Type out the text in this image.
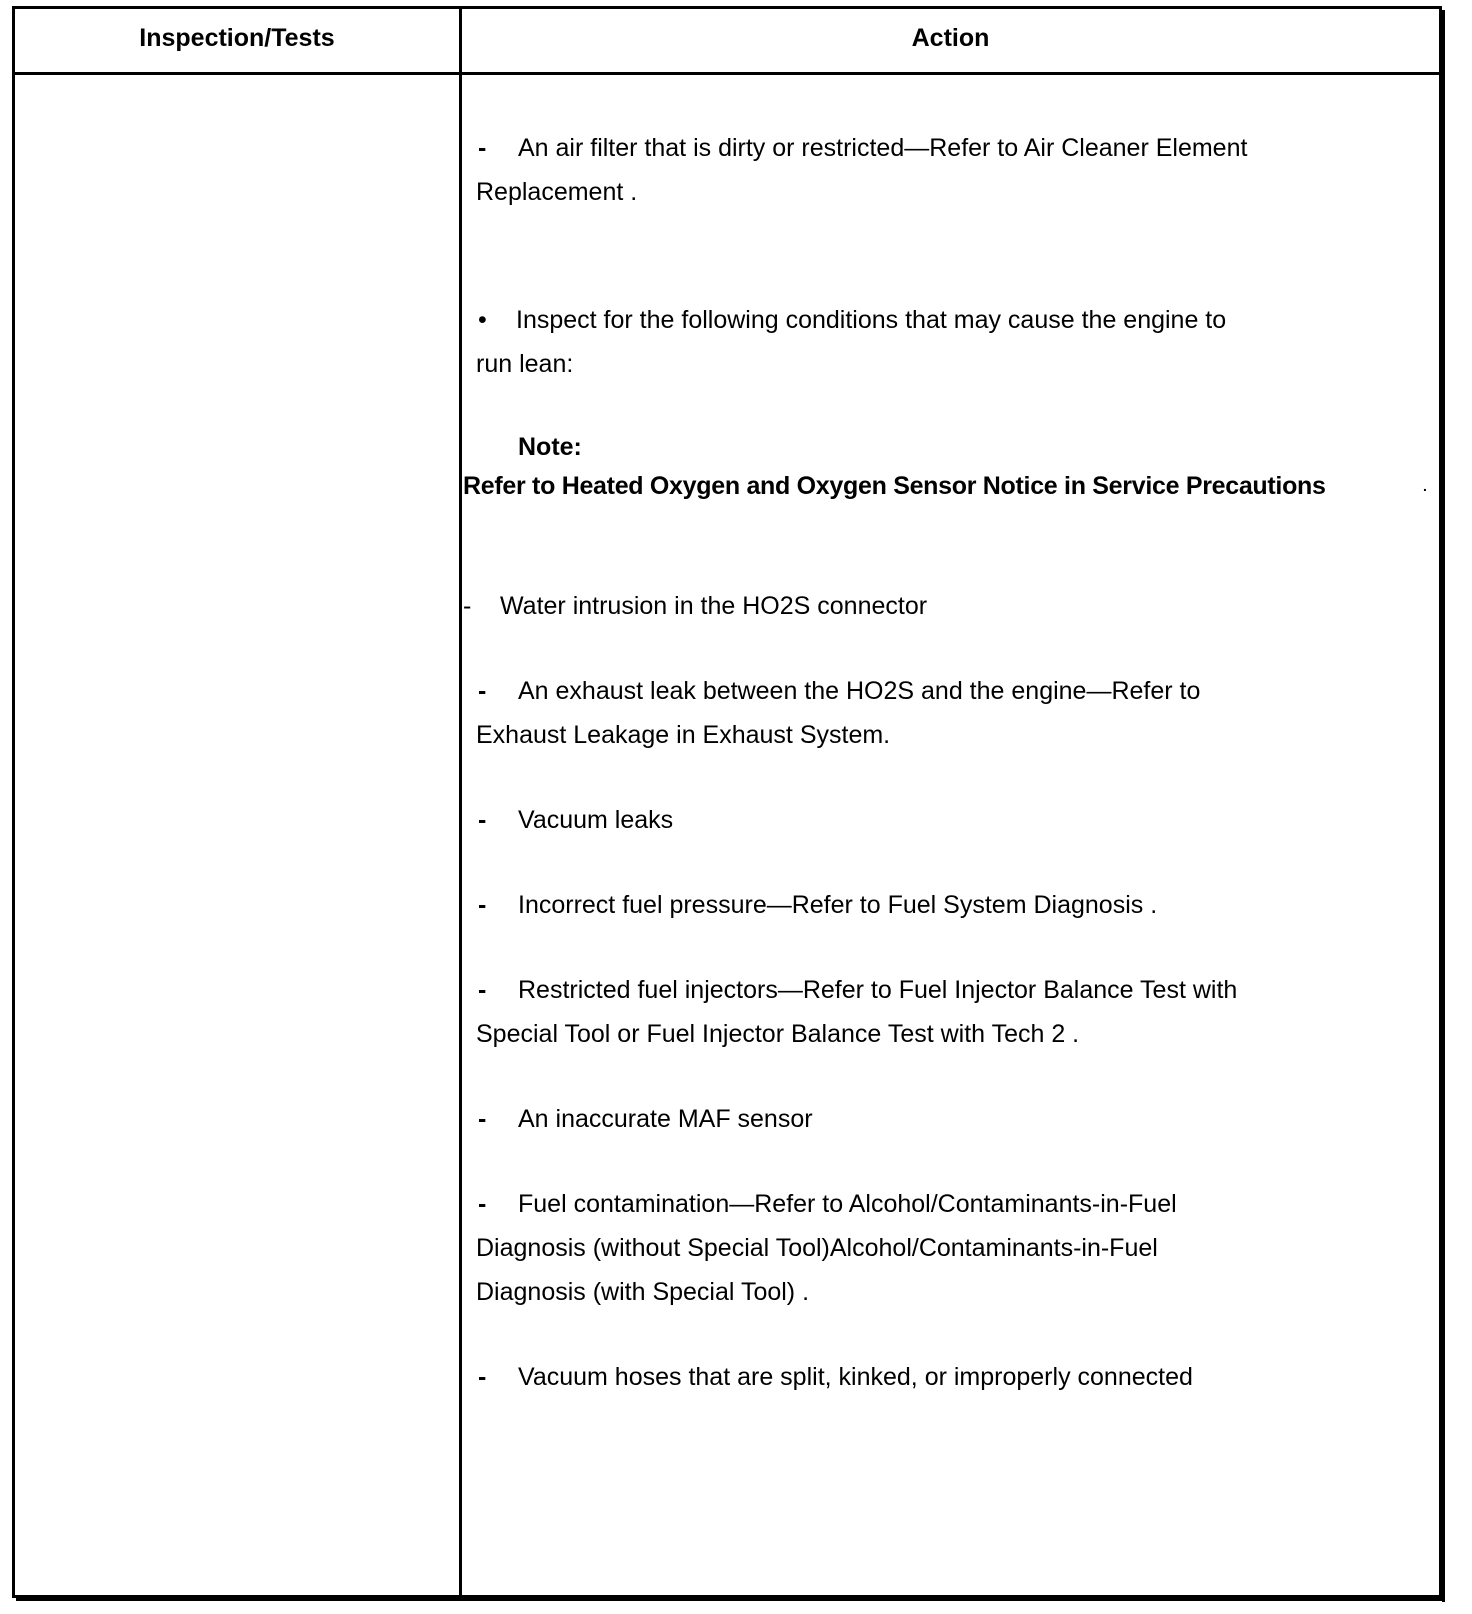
Inspection/Tests	Action
- An air filter that is dirty or restricted—Refer to Air Cleaner Element
Replacement .
• Inspect for the following conditions that may cause the engine to
run lean:
Note:
Refer to Heated Oxygen and Oxygen Sensor Notice in Service Precautions	.
- Water intrusion in the HO2S connector
- An exhaust leak between the HO2S and the engine—Refer to
Exhaust Leakage in Exhaust System.
- Vacuum leaks
- Incorrect fuel pressure—Refer to Fuel System Diagnosis .
- Restricted fuel injectors—Refer to Fuel Injector Balance Test with
Special Tool or Fuel Injector Balance Test with Tech 2 .
- An inaccurate MAF sensor
- Fuel contamination—Refer to Alcohol/Contaminants-in-Fuel
Diagnosis (without Special Tool)Alcohol/Contaminants-in-Fuel
Diagnosis (with Special Tool) .
- Vacuum hoses that are split, kinked, or improperly connected
